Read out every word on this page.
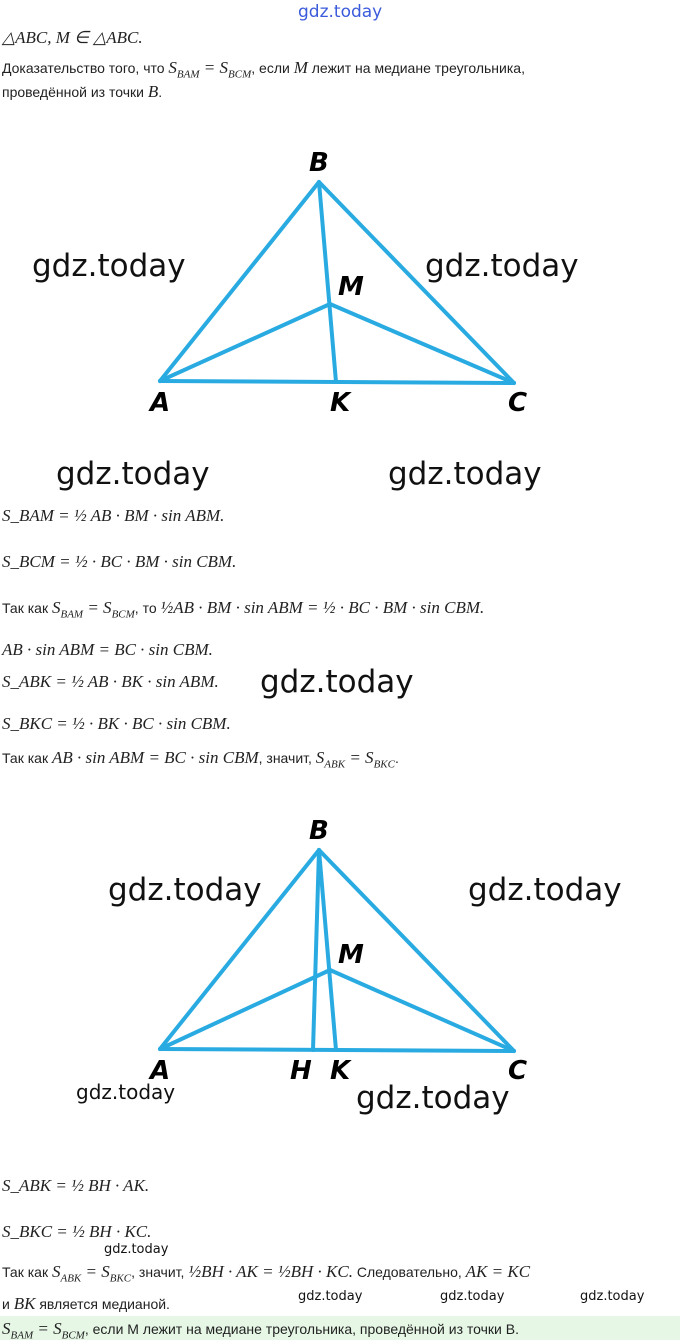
gdz.today
△ABC, M ∈ △ABC.
Доказательство того, что $S_{BAM} = S_{BCM}$, если M лежит на медиане треугольника,
проведённой из точки B.
B
M
A	K	C
gdz.today	gdz.today
gdz.today	gdz.today
S_BAM = ½ AB · BM · sin ABM.
S_BCM = ½ · BC · BM · sin CBM.
Так как $S_{BAM} = S_{BCM}$, то ½AB · BM · sin ABM = ½ · BC · BM · sin CBM.
AB · sin ABM = BC · sin CBM.
S_ABK = ½ AB · BK · sin ABM. gdz.today
S_BKC = ½ · BK · BC · sin CBM.
Так как AB · sin ABM = BC · sin CBM, значит, $S_{ABK} = S_{BKC}$.
B
M
A	H K	C
gdz.today	gdz.today
gdz.today	gdz.today
S_ABK = ½ BH · AK.
S_BKC = ½ BH · KC.
gdz.today
Так как $S_{ABK} = S_{BKC}$, значит, ½BH · AK = ½BH · KC. Следовательно, AK = KC
и BK является медианой.	gdz.today	gdz.today	gdz.today
$S_{BAM} = S_{BCM}$, если M лежит на медиане треугольника, проведённой из точки B.
